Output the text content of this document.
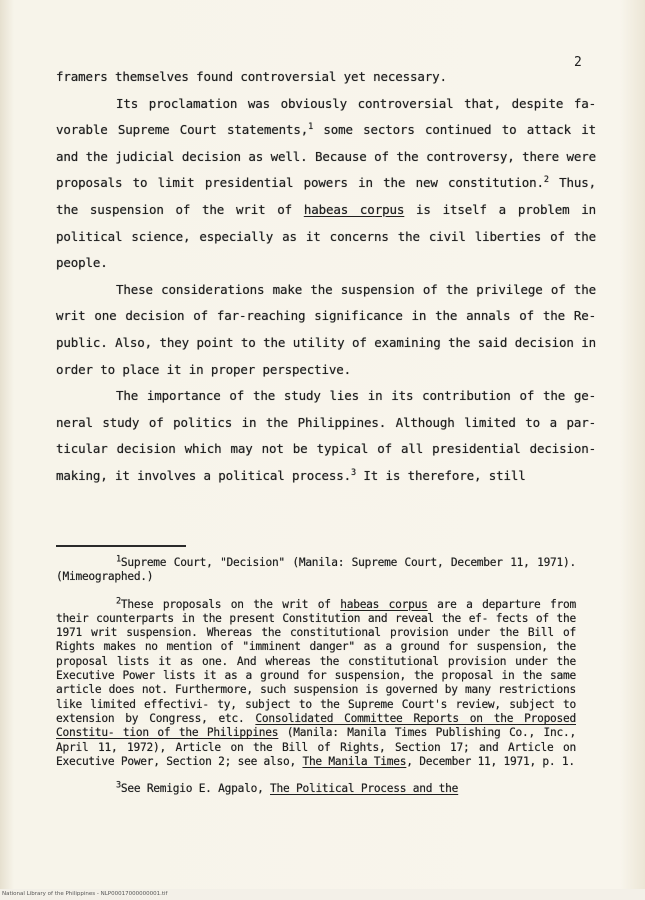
2

framers themselves found controversial yet necessary.

Its proclamation was obviously controversial that, despite fa- vorable Supreme Court statements,$^1$ some sectors continued to attack it and the judicial decision as well. Because of the controversy, there were proposals to limit presidential powers in the new constitution.$^2$ Thus, the suspension of the writ of habeas corpus is itself a problem in political science, especially as it concerns the civil liberties of the people.

These considerations make the suspension of the privilege of the writ one decision of far-reaching significance in the annals of the Re- public. Also, they point to the utility of examining the said decision in order to place it in proper perspective.

The importance of the study lies in its contribution of the ge- neral study of politics in the Philippines. Although limited to a par- ticular decision which may not be typical of all presidential decision- making, it involves a political process.$^3$ It is therefore, still

$^1$Supreme Court, "Decision" (Manila: Supreme Court, December 11, 1971). (Mimeographed.)

$^2$These proposals on the writ of habeas corpus are a departure from their counterparts in the present Constitution and reveal the ef- fects of the 1971 writ suspension. Whereas the constitutional provision under the Bill of Rights makes no mention of "imminent danger" as a ground for suspension, the proposal lists it as one. And whereas the constitutional provision under the Executive Power lists it as a ground for suspension, the proposal in the same article does not. Furthermore, such suspension is governed by many restrictions like limited effectivi- ty, subject to the Supreme Court's review, subject to extension by Congress, etc. Consolidated Committee Reports on the Proposed Constitu- tion of the Philippines (Manila: Manila Times Publishing Co., Inc., April 11, 1972), Article on the Bill of Rights, Section 17; and Article on Executive Power, Section 2; see also, The Manila Times, December 11, 1971, p. 1.

$^3$See Remigio E. Agpalo, The Political Process and the

National Library of the Philippines - NLP00017000000001.tif
